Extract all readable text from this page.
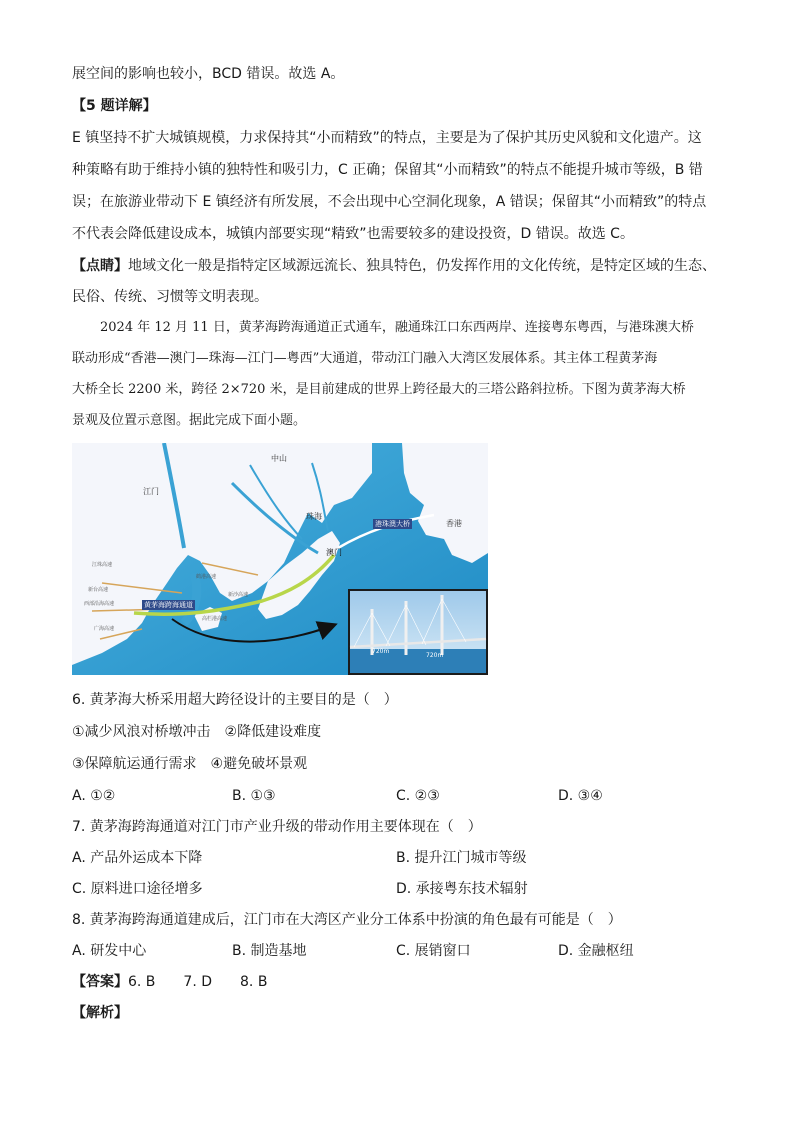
展空间的影响也较小，BCD 错误。故选 A。
【5 题详解】
E 镇坚持不扩大城镇规模，力求保持其“小而精致”的特点，主要是为了保护其历史风貌和文化遗产。这
种策略有助于维持小镇的独特性和吸引力，C 正确；保留其“小而精致”的特点不能提升城市等级，B 错
误；在旅游业带动下 E 镇经济有所发展，不会出现中心空洞化现象，A 错误；保留其“小而精致”的特点
不代表会降低建设成本，城镇内部要实现“精致”也需要较多的建设投资，D 错误。故选 C。
【点睛】地域文化一般是指特定区域源远流长、独具特色，仍发挥作用的文化传统，是特定区域的生态、
民俗、传统、习惯等文明表现。
2024 年 12 月 11 日，黄茅海跨海通道正式通车，融通珠江口东西两岸、连接粤东粤西，与港珠澳大桥
联动形成“香港—澳门—珠海—江门—粤西”大通道，带动江门融入大湾区发展体系。其主体工程黄茅海
大桥全长 2200 米，跨径 2×720 米，是目前建成的世界上跨径最大的三塔公路斜拉桥。下图为黄茅海大桥
景观及位置示意图。据此完成下面小题。
中山
江门
珠海
澳门
香港
港珠澳大桥
黄茅海跨海通道
西部沿海高速
新台高速
江珠高速
鹤港高速
广海高速
新沙高速
高栏港高速
720m
720m
6. 黄茅海大桥采用超大跨径设计的主要目的是（　）
①减少风浪对桥墩冲击　②降低建设难度
③保障航运通行需求　④避免破坏景观
A. ①②	B. ①③	C. ②③	D. ③④
7. 黄茅海跨海通道对江门市产业升级的带动作用主要体现在（　）
A. 产品外运成本下降	B. 提升江门城市等级
C. 原料进口途径增多	D. 承接粤东技术辐射
8. 黄茅海跨海通道建成后，江门市在大湾区产业分工体系中扮演的角色最有可能是（　）
A. 研发中心	B. 制造基地	C. 展销窗口	D. 金融枢纽
【答案】6. B 7. D 8. B
【解析】
